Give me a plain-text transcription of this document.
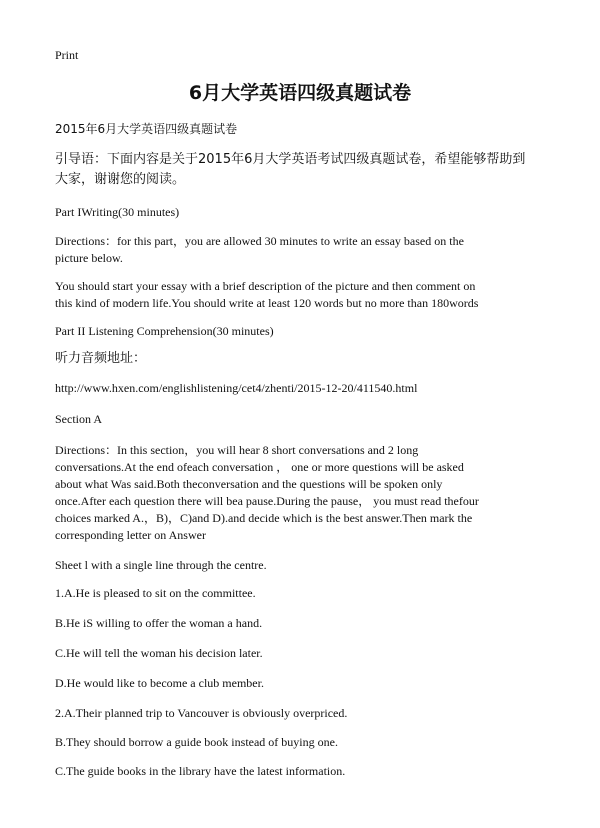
Print
6月大学英语四级真题试卷
2015年6月大学英语四级真题试卷
引导语：下面内容是关于2015年6月大学英语考试四级真题试卷，希望能够帮助到
大家，谢谢您的阅读。
Part IWriting(30 minutes)
Directions：for this part，you are allowed 30 minutes to write an essay based on the
picture below.
You should start your essay with a brief description of the picture and then comment on
this kind of modern life.You should write at least 120 words but no more than 180words
Part II Listening Comprehension(30 minutes)
听力音频地址：
http://www.hxen.com/englishlistening/cet4/zhenti/2015-12-20/411540.html
Section A
Directions：In this section，you will hear 8 short conversations and 2 long
conversations.At the end ofeach conversation ， one or more questions will be asked
about what Was said.Both theconversation and the questions will be spoken only
once.After each question there will bea pause.During the pause， you must read thefour
choices marked A.，B)，C)and D).and decide which is the best answer.Then mark the
corresponding letter on Answer
Sheet l with a single line through the centre.
1.A.He is pleased to sit on the committee.
B.He iS willing to offer the woman a hand.
C.He will tell the woman his decision later.
D.He would like to become a club member.
2.A.Their planned trip to Vancouver is obviously overpriced.
B.They should borrow a guide book instead of buying one.
C.The guide books in the library have the latest information.
